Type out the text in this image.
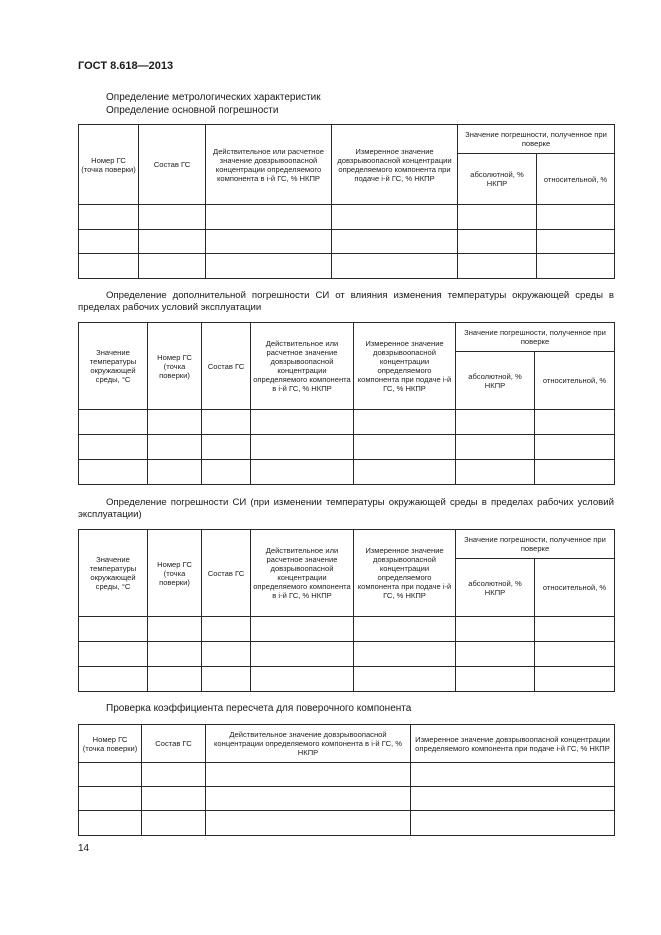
ГОСТ 8.618—2013
Определение метрологических характеристик
Определение основной погрешности
Номер ГС (точка поверки)	Состав ГС	Действительное или расчетное значение довзрывоопасной концентрации определяемого компонента в i-й ГС, % НКПР	Измеренное значение довзрывоопасной концентрации определяемого компонента при подаче i-й ГС, % НКПР	Значение погрешности, полученное при поверке	
				абсолютной, % НКПР	относительной, %

Определение дополнительной погрешности СИ от влияния изменения температуры окружающей среды в пределах рабочих условий эксплуатации
Значение температуры окружающей среды, °С	Номер ГС (точка поверки)	Состав ГС	Действительное или расчетное значение довзрывоопасной концентрации определяемого компонента в i-й ГС, % НКПР	Измеренное значение довзрывоопасной концентрации определяемого компонента при подаче i-й ГС, % НКПР	Значение погрешности, полученное при поверке	
					абсолютной, % НКПР	относительной, %

Определение погрешности СИ (при изменении температуры окружающей среды в пределах рабочих условий эксплуатации)
Значение температуры окружающей среды, °С	Номер ГС (точка поверки)	Состав ГС	Действительное или расчетное значение довзрывоопасной концентрации определяемого компонента в i-й ГС, % НКПР	Измеренное значение довзрывоопасной концентрации определяемого компонента при подаче i-й ГС, % НКПР	Значение погрешности, полученное при поверке	
					абсолютной, % НКПР	относительной, %

Проверка коэффициента пересчета для поверочного компонента
Номер ГС (точка поверки)	Состав ГС	Действительное значение довзрывоопасной концентрации определяемого компонента в i-й ГС, % НКПР	Измеренное значение довзрывоопасной концентрации определяемого компонента при подаче i-й ГС, % НКПР

14
